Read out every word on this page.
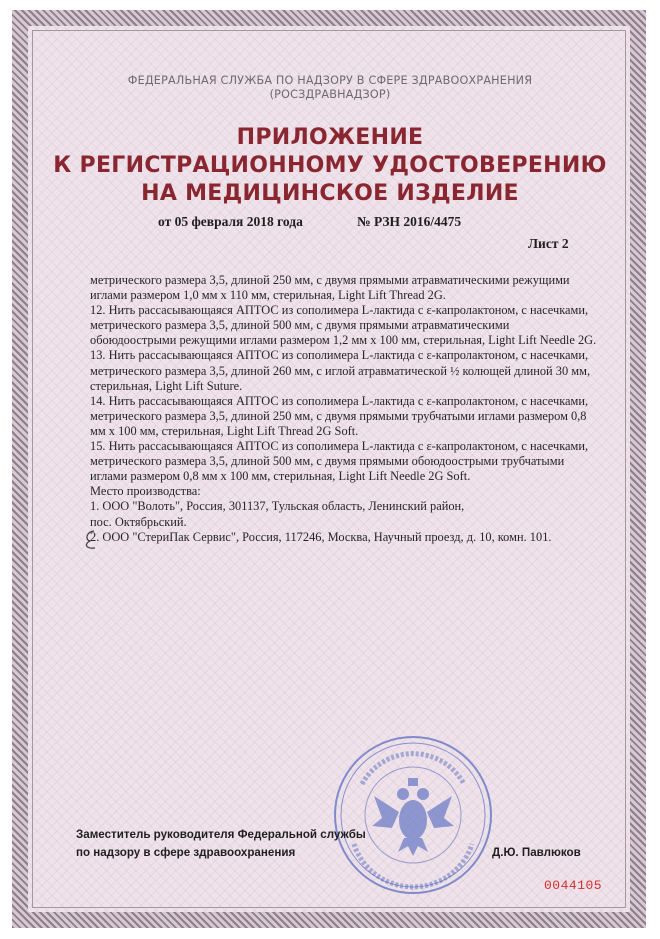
ФЕДЕРАЛЬНАЯ СЛУЖБА ПО НАДЗОРУ В СФЕРЕ ЗДРАВООХРАНЕНИЯ
(РОСЗДРАВНАДЗОР)
ПРИЛОЖЕНИЕ
К РЕГИСТРАЦИОННОМУ УДОСТОВЕРЕНИЮ
НА МЕДИЦИНСКОЕ ИЗДЕЛИЕ
от 05 февраля 2018 года	№ РЗН 2016/4475
Лист 2
метрического размера 3,5, длиной 250 мм, с двумя прямыми атравматическими режущими
иглами размером 1,0 мм х 110 мм, стерильная, Light Lift Thread 2G.
12. Нить рассасывающаяся АПТОС из сополимера L-лактида с ε-капролактоном, с насечками,
метрического размера 3,5, длиной 500 мм, с двумя прямыми атравматическими
обоюдоострыми режущими иглами размером 1,2 мм х 100 мм, стерильная, Light Lift Needle 2G.
13. Нить рассасывающаяся АПТОС из сополимера L-лактида с ε-капролактоном, с насечками,
метрического размера 3,5, длиной 260 мм, с иглой атравматической ½ колющей длиной 30 мм,
стерильная, Light Lift Suture.
14. Нить рассасывающаяся АПТОС из сополимера L-лактида с ε-капролактоном, с насечками,
метрического размера 3,5, длиной 250 мм, с двумя прямыми трубчатыми иглами размером 0,8
мм х 100 мм, стерильная, Light Lift Thread 2G Soft.
15. Нить рассасывающаяся АПТОС из сополимера L-лактида с ε-капролактоном, с насечками,
метрического размера 3,5, длиной 500 мм, с двумя прямыми обоюдоострыми трубчатыми
иглами размером 0,8 мм х 100 мм, стерильная, Light Lift Needle 2G Soft.
Место производства:
1. ООО "Волоть", Россия, 301137, Тульская область, Ленинский район,
пос. Октябрьский.
2. ООО "СтериПак Сервис", Россия, 117246, Москва, Научный проезд, д. 10, комн. 101.
Заместитель руководителя Федеральной службы
по надзору в сфере здравоохранения	Д.Ю. Павлюков
0044105
